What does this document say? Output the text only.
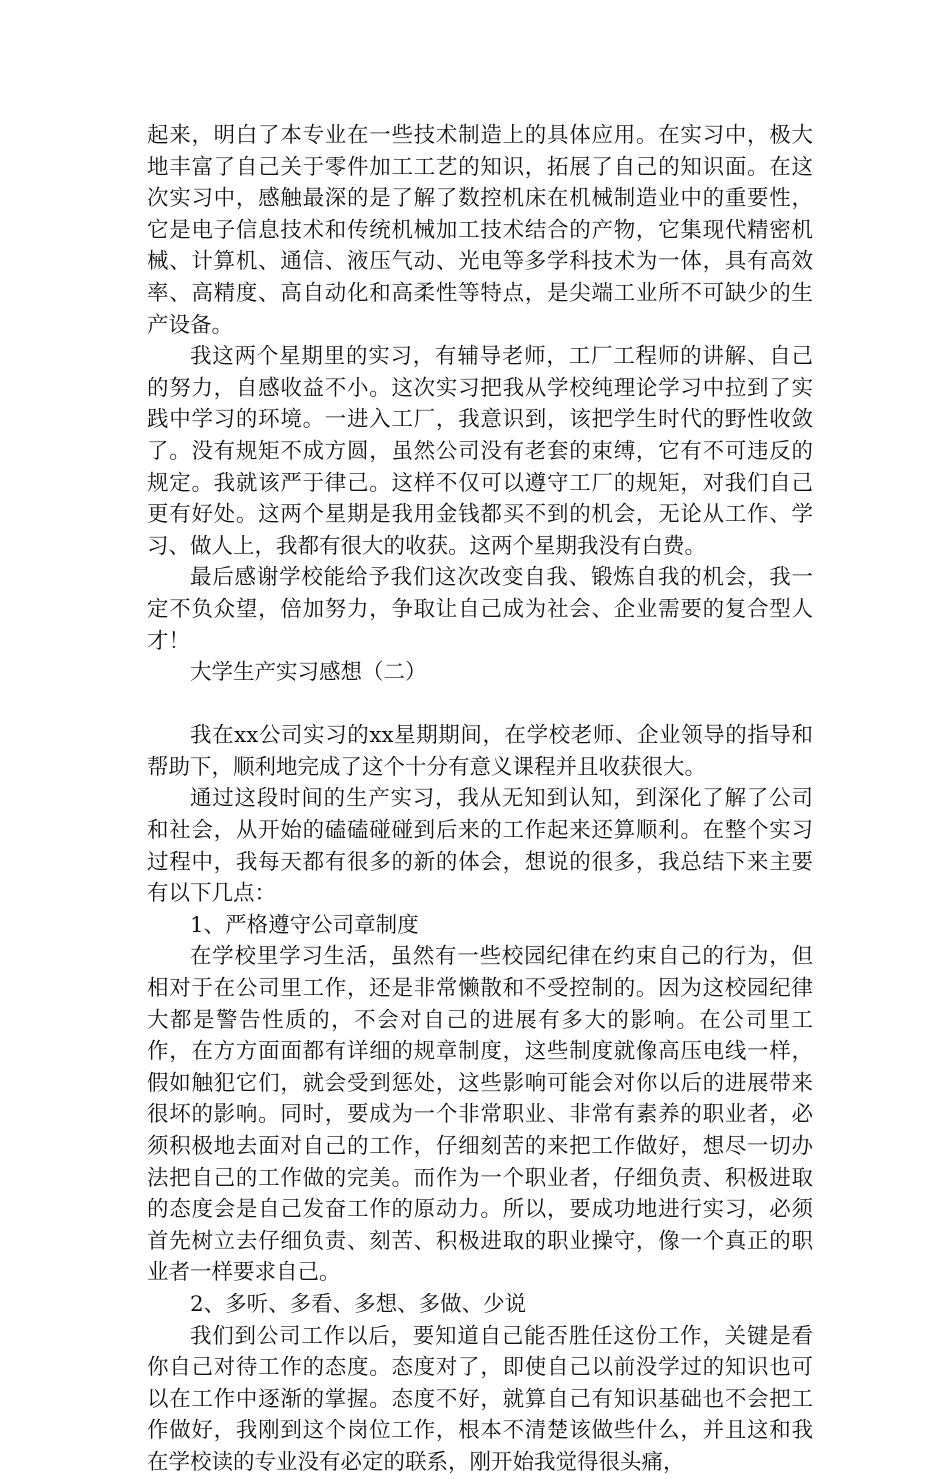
起来，明白了本专业在一些技术制造上的具体应用。在实习中，极大地丰富了自己关于零件加工工艺的知识，拓展了自己的知识面。在这次实习中，感触最深的是了解了数控机床在机械制造业中的重要性，它是电子信息技术和传统机械加工技术结合的产物，它集现代精密机械、计算机、通信、液压气动、光电等多学科技术为一体，具有高效率、高精度、高自动化和高柔性等特点，是尖端工业所不可缺少的生产设备。

我这两个星期里的实习，有辅导老师，工厂工程师的讲解、自己的努力，自感收益不小。这次实习把我从学校纯理论学习中拉到了实践中学习的环境。一进入工厂，我意识到，该把学生时代的野性收敛了。没有规矩不成方圆，虽然公司没有老套的束缚，它有不可违反的规定。我就该严于律己。这样不仅可以遵守工厂的规矩，对我们自己更有好处。这两个星期是我用金钱都买不到的机会，无论从工作、学习、做人上，我都有很大的收获。这两个星期我没有白费。

最后感谢学校能给予我们这次改变自我、锻炼自我的机会，我一定不负众望，倍加努力，争取让自己成为社会、企业需要的复合型人才！

大学生产实习感想（二）

我在xx公司实习的xx星期期间，在学校老师、企业领导的指导和帮助下，顺利地完成了这个十分有意义课程并且收获很大。

通过这段时间的生产实习，我从无知到认知，到深化了解了公司和社会，从开始的磕磕碰碰到后来的工作起来还算顺利。在整个实习过程中，我每天都有很多的新的体会，想说的很多，我总结下来主要有以下几点：

1、严格遵守公司章制度

在学校里学习生活，虽然有一些校园纪律在约束自己的行为，但相对于在公司里工作，还是非常懒散和不受控制的。因为这校园纪律大都是警告性质的，不会对自己的进展有多大的影响。在公司里工作，在方方面面都有详细的规章制度，这些制度就像高压电线一样，假如触犯它们，就会受到惩处，这些影响可能会对你以后的进展带来很坏的影响。同时，要成为一个非常职业、非常有素养的职业者，必须积极地去面对自己的工作，仔细刻苦的来把工作做好，想尽一切办法把自己的工作做的完美。而作为一个职业者，仔细负责、积极进取的态度会是自己发奋工作的原动力。所以，要成功地进行实习，必须首先树立去仔细负责、刻苦、积极进取的职业操守，像一个真正的职业者一样要求自己。

2、多听、多看、多想、多做、少说

我们到公司工作以后，要知道自己能否胜任这份工作，关键是看你自己对待工作的态度。态度对了，即使自己以前没学过的知识也可以在工作中逐渐的掌握。态度不好，就算自己有知识基础也不会把工作做好，我刚到这个岗位工作，根本不清楚该做些什么，并且这和我在学校读的专业没有必定的联系，刚开始我觉得很头痛，
